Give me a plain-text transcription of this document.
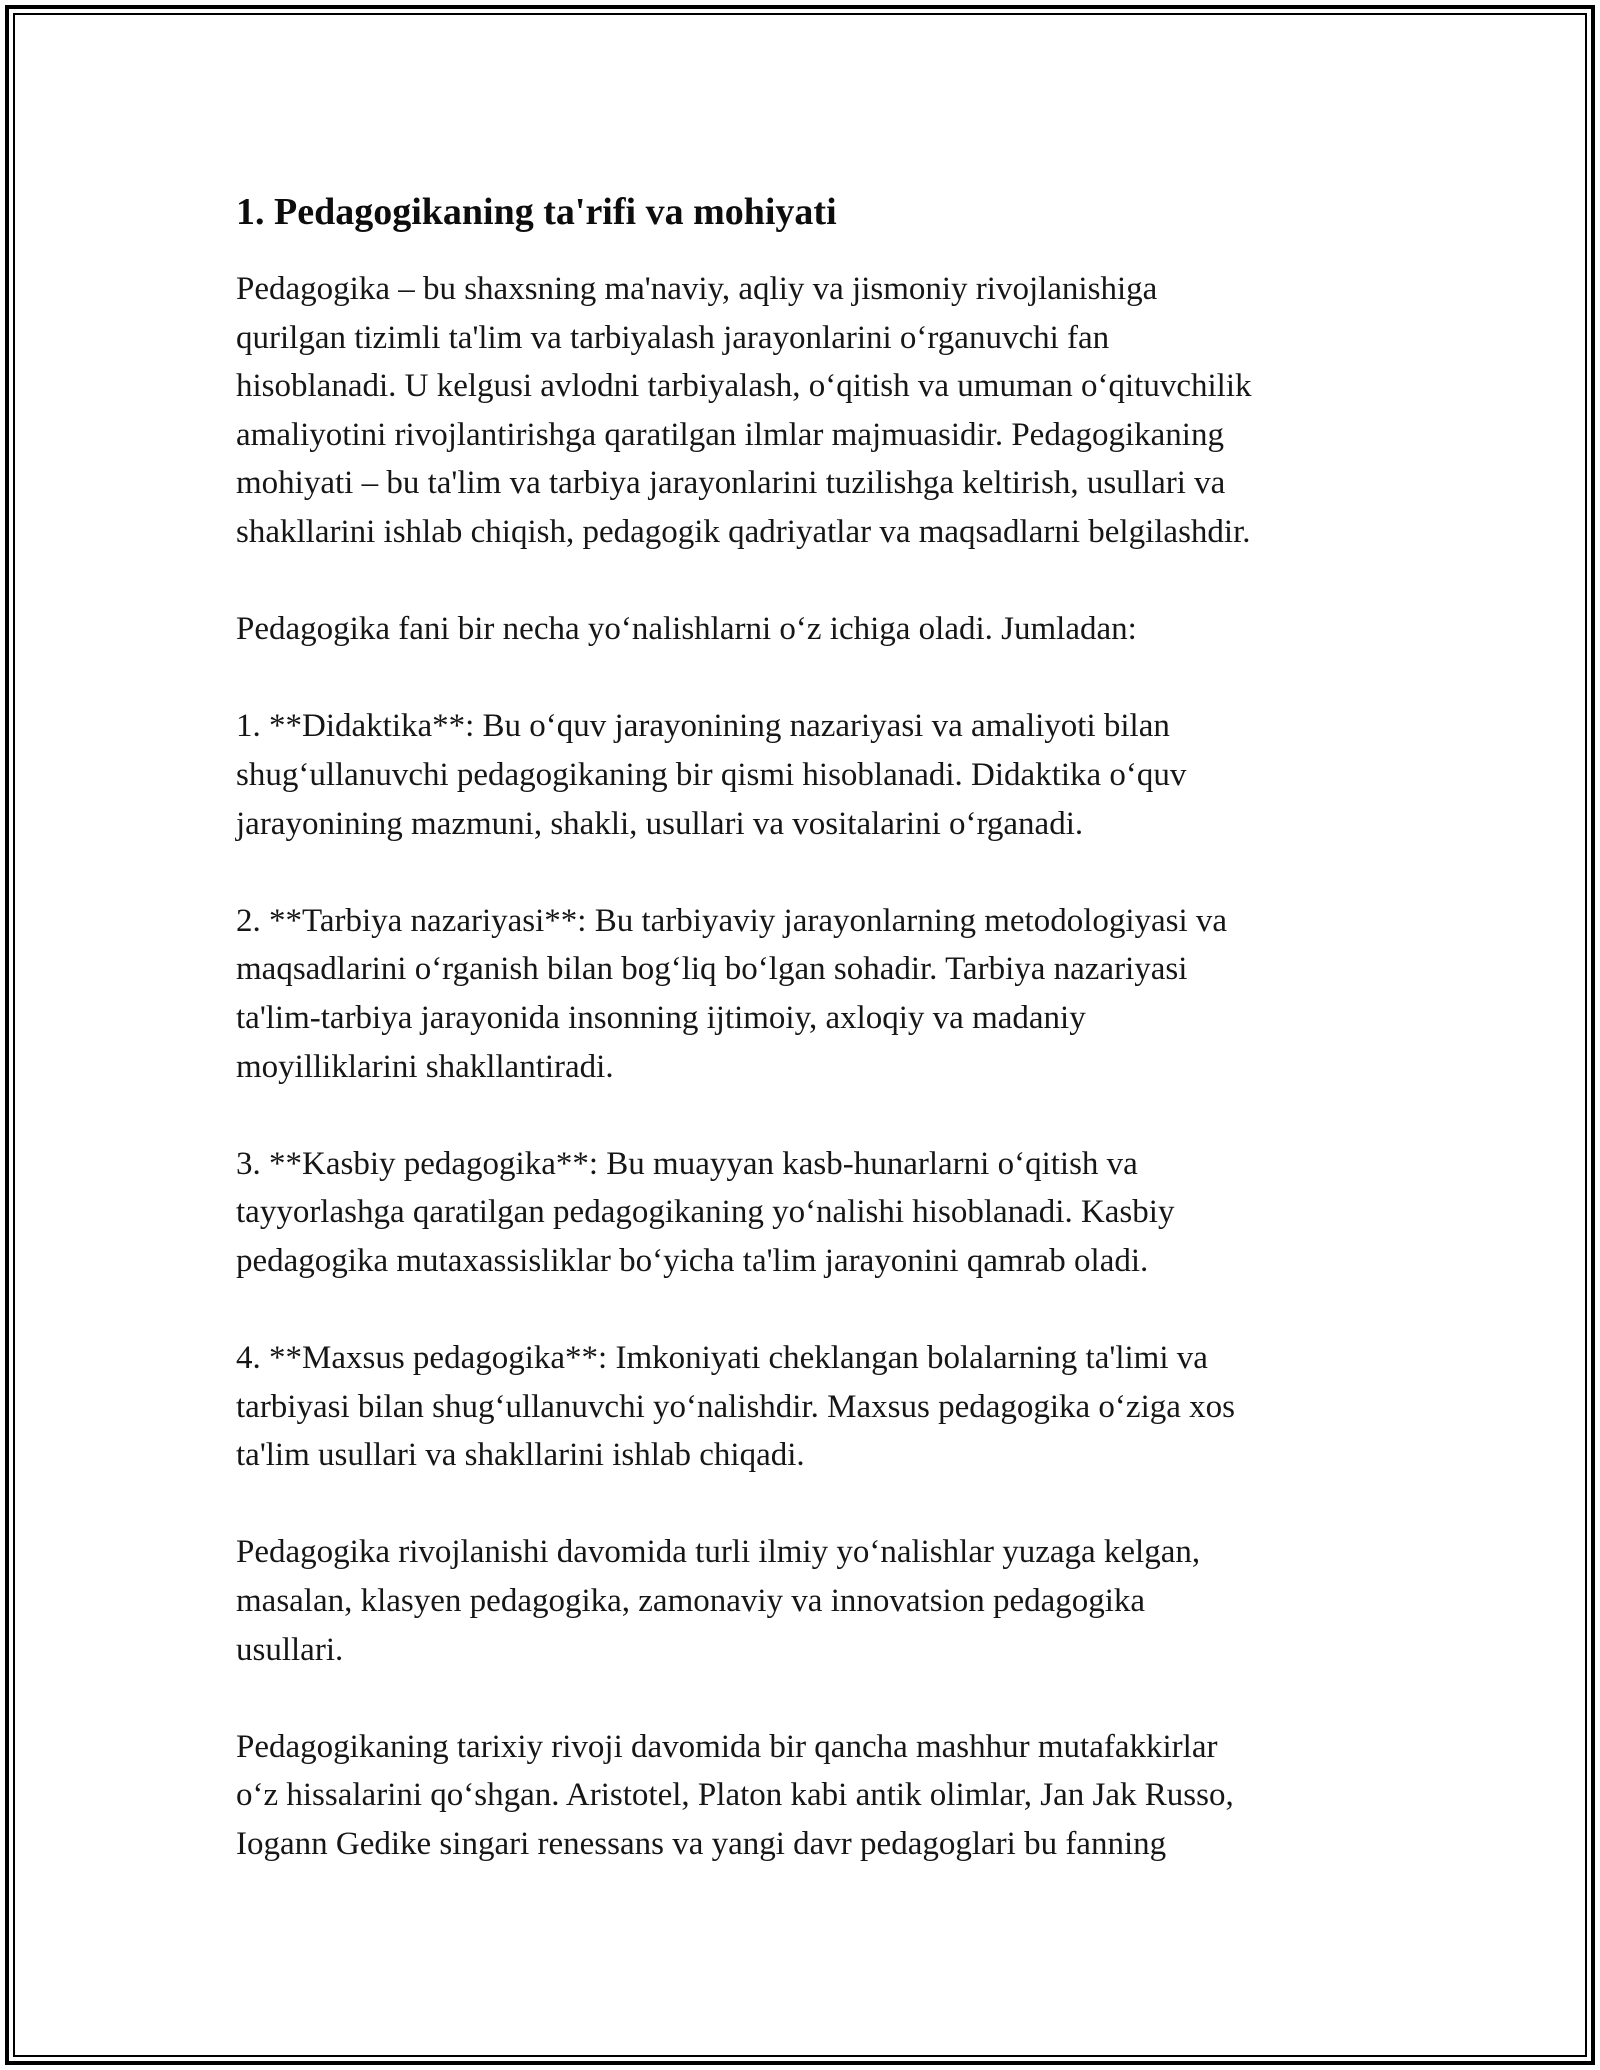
1. Pedagogikaning ta'rifi va mohiyati

Pedagogika – bu shaxsning ma'naviy, aqliy va jismoniy rivojlanishiga
qurilgan tizimli ta'lim va tarbiyalash jarayonlarini o‘rganuvchi fan
hisoblanadi. U kelgusi avlodni tarbiyalash, o‘qitish va umuman o‘qituvchilik
amaliyotini rivojlantirishga qaratilgan ilmlar majmuasidir. Pedagogikaning
mohiyati – bu ta'lim va tarbiya jarayonlarini tuzilishga keltirish, usullari va
shakllarini ishlab chiqish, pedagogik qadriyatlar va maqsadlarni belgilashdir.

Pedagogika fani bir necha yo‘nalishlarni o‘z ichiga oladi. Jumladan:

1. **Didaktika**: Bu o‘quv jarayonining nazariyasi va amaliyoti bilan
shug‘ullanuvchi pedagogikaning bir qismi hisoblanadi. Didaktika o‘quv
jarayonining mazmuni, shakli, usullari va vositalarini o‘rganadi.

2. **Tarbiya nazariyasi**: Bu tarbiyaviy jarayonlarning metodologiyasi va
maqsadlarini o‘rganish bilan bog‘liq bo‘lgan sohadir. Tarbiya nazariyasi
ta'lim-tarbiya jarayonida insonning ijtimoiy, axloqiy va madaniy
moyilliklarini shakllantiradi.

3. **Kasbiy pedagogika**: Bu muayyan kasb-hunarlarni o‘qitish va
tayyorlashga qaratilgan pedagogikaning yo‘nalishi hisoblanadi. Kasbiy
pedagogika mutaxassisliklar bo‘yicha ta'lim jarayonini qamrab oladi.

4. **Maxsus pedagogika**: Imkoniyati cheklangan bolalarning ta'limi va
tarbiyasi bilan shug‘ullanuvchi yo‘nalishdir. Maxsus pedagogika o‘ziga xos
ta'lim usullari va shakllarini ishlab chiqadi.

Pedagogika rivojlanishi davomida turli ilmiy yo‘nalishlar yuzaga kelgan,
masalan, klasyen pedagogika, zamonaviy va innovatsion pedagogika
usullari.

Pedagogikaning tarixiy rivoji davomida bir qancha mashhur mutafakkirlar
o‘z hissalarini qo‘shgan. Aristotel, Platon kabi antik olimlar, Jan Jak Russo,
Iogann Gedike singari renessans va yangi davr pedagoglari bu fanning
